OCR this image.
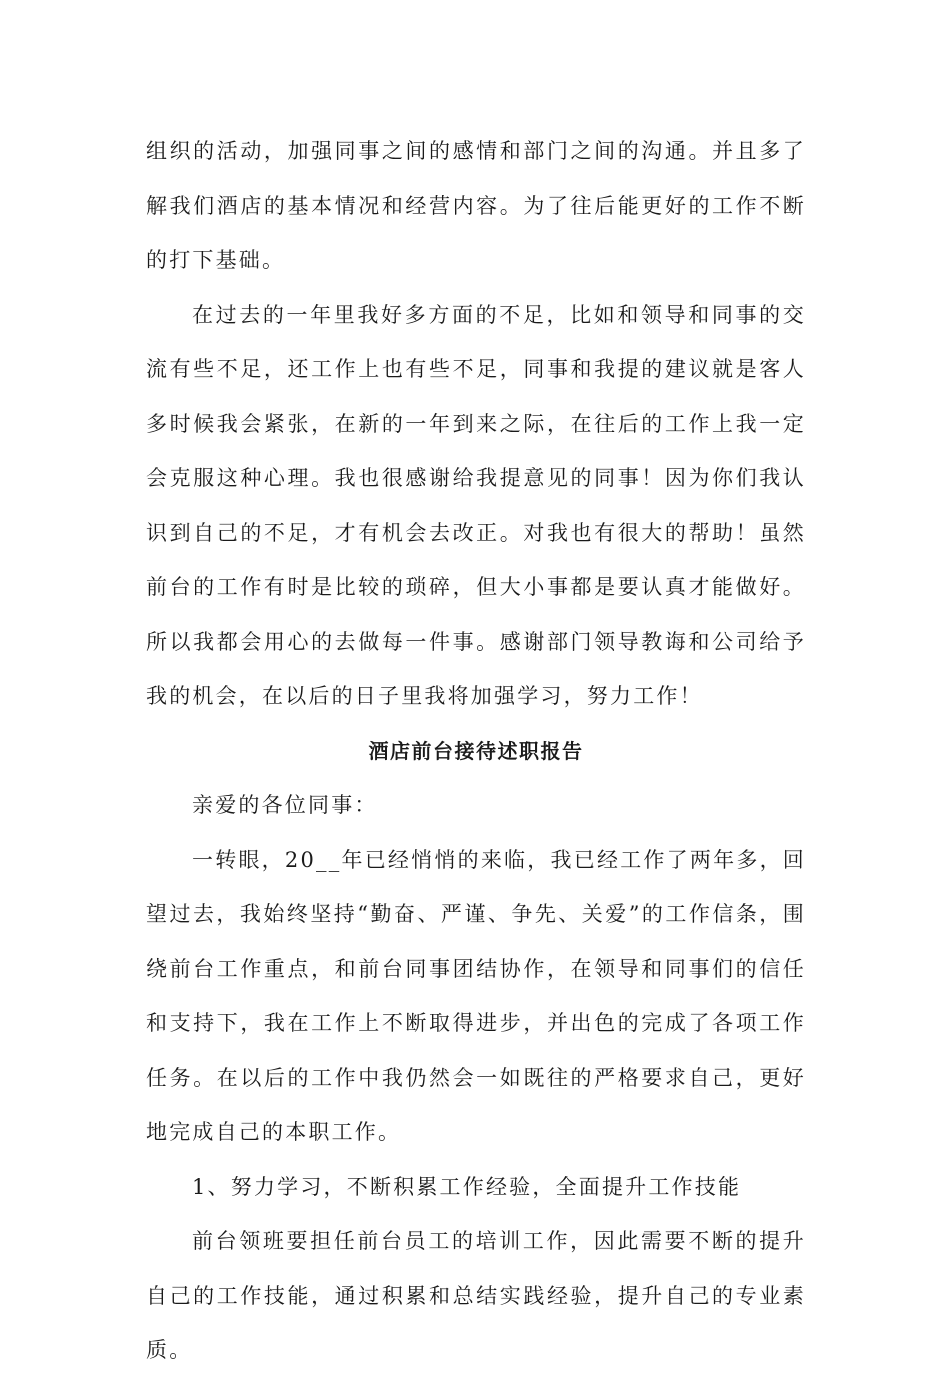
组织的活动，加强同事之间的感情和部门之间的沟通。并且多了解我们酒店的基本情况和经营内容。为了往后能更好的工作不断的打下基础。

在过去的一年里我好多方面的不足，比如和领导和同事的交流有些不足，还工作上也有些不足，同事和我提的建议就是客人多时候我会紧张，在新的一年到来之际，在往后的工作上我一定会克服这种心理。我也很感谢给我提意见的同事！因为你们我认识到自己的不足，才有机会去改正。对我也有很大的帮助！虽然前台的工作有时是比较的琐碎，但大小事都是要认真才能做好。所以我都会用心的去做每一件事。感谢部门领导教诲和公司给予我的机会，在以后的日子里我将加强学习，努力工作！

酒店前台接待述职报告

亲爱的各位同事：

一转眼，20__年已经悄悄的来临，我已经工作了两年多，回望过去，我始终坚持“勤奋、严谨、争先、关爱”的工作信条，围绕前台工作重点，和前台同事团结协作，在领导和同事们的信任和支持下，我在工作上不断取得进步，并出色的完成了各项工作任务。在以后的工作中我仍然会一如既往的严格要求自己，更好地完成自己的本职工作。

1、努力学习，不断积累工作经验，全面提升工作技能

前台领班要担任前台员工的培训工作，因此需要不断的提升自己的工作技能，通过积累和总结实践经验，提升自己的专业素质。
